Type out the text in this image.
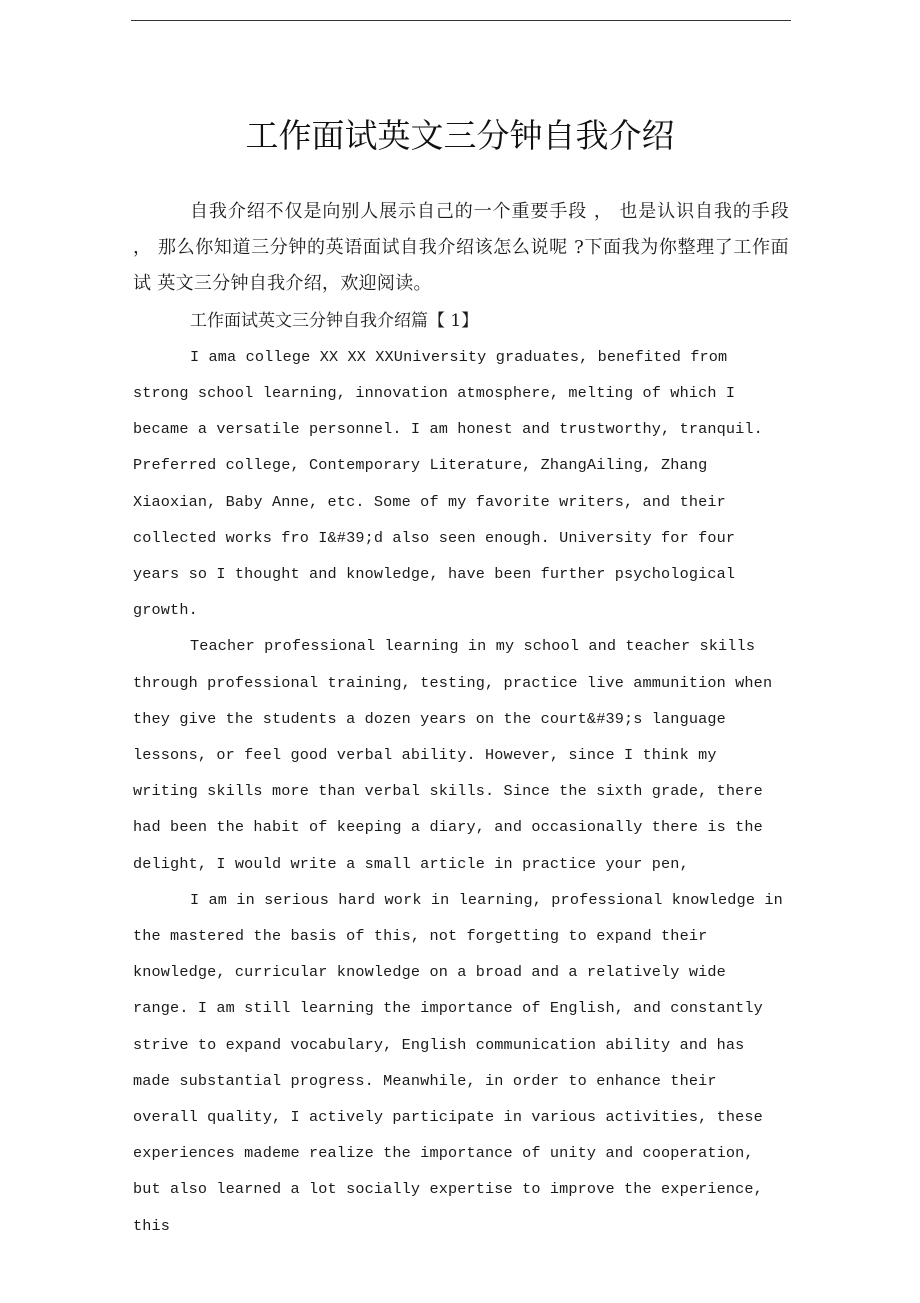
工作面试英文三分钟自我介绍

自我介绍不仅是向别人展示自己的一个重要手段 ， 也是认识自我的手段 ， 那么你知道三分钟的英语面试自我介绍该怎么说呢 ?下面我为你整理了工作面试 英文三分钟自我介绍，欢迎阅读。

工作面试英文三分钟自我介绍篇【 1】

I ama college XX XX XXUniversity graduates, benefited from strong school learning, innovation atmosphere, melting of which I became a versatile personnel. I am honest and trustworthy, tranquil. Preferred college, Contemporary Literature, ZhangAiling, Zhang Xiaoxian, Baby Anne, etc. Some of my favorite writers, and their collected works fro I&#39;d also seen enough. University for four years so I thought and knowledge, have been further psychological growth.

Teacher professional learning in my school and teacher skills through professional training, testing, practice live ammunition when they give the students a dozen years on the court&#39;s language lessons, or feel good verbal ability. However, since I think my writing skills more than verbal skills. Since the sixth grade, there had been the habit of keeping a diary, and occasionally there is the delight, I would write a small article in practice your pen,

I am in serious hard work in learning, professional knowledge in the mastered the basis of this, not forgetting to expand their knowledge, curricular knowledge on a broad and a relatively wide range. I am still learning the importance of English, and constantly strive to expand vocabulary, English communication ability and has made substantial progress. Meanwhile, in order to enhance their overall quality, I actively participate in various activities, these experiences mademe realize the importance of unity and cooperation, but also learned a lot socially expertise to improve the experience, this
